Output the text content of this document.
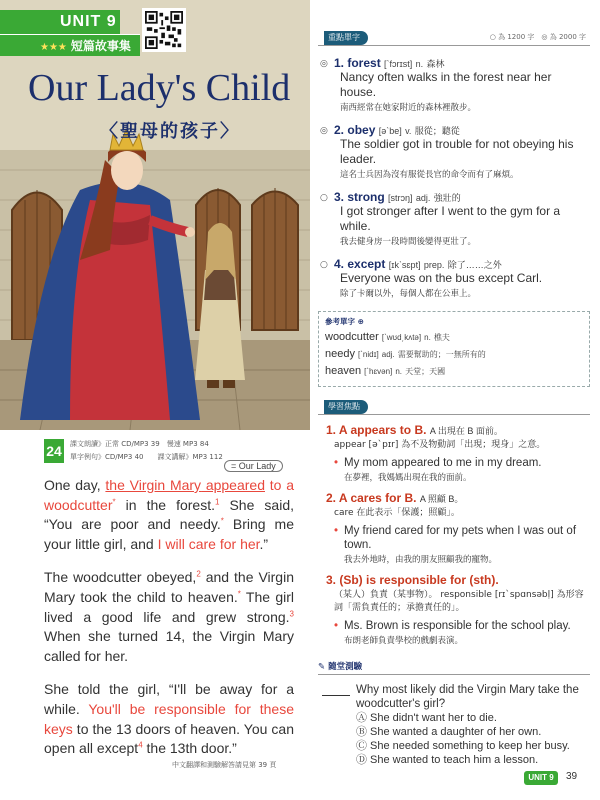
UNIT 9
★★★ 短篇故事集
Our Lady's Child
〈聖母的孩子〉
24	課文朗讀》正常 CD/MP3 39　慢速 MP3 84
單字例句》CD/MP3 40　　課文講解》MP3 112
= Our Lady

One day, the Virgin Mary appeared to a woodcutter* in the forest.$^1$ She said, “You are poor and needy.* Bring me your little girl, and I will care for her.”

The woodcutter obeyed,$^2$ and the Virgin Mary took the child to heaven.* The girl lived a good life and grew strong.$^3$ When she turned 14, the Virgin Mary called for her.

She told the girl, “I'll be away for a while. You'll be responsible for these keys to the 13 doors of heaven. You can open all except$^4$ the 13th door.”

中文翻譯和測驗解答請見第 39 頁
重點單字	○ 為 1200 字　◎ 為 2000 字
◎ 1. forest [ˋfɔrɪst] n. 森林
Nancy often walks in the forest near her house.
南西經常在她家附近的森林裡散步。
◎ 2. obey [əˋbe] v. 服從；聽從
The soldier got in trouble for not obeying his leader.
這名士兵因為沒有服從長官的命令而有了麻煩。
○ 3. strong [strɔŋ] adj. 強壯的
I got stronger after I went to the gym for a while.
我去健身房一段時間後變得更壯了。
○ 4. except [ɪkˋsɛpt] prep. 除了……之外
Everyone was on the bus except Carl.
除了卡爾以外，每個人都在公車上。
參考單字 ⊕
woodcutter [ˋwʊd͵kʌtə] n. 樵夫
needy [ˋnidɪ] adj. 需要幫助的；一無所有的
heaven [ˋhɛvən] n. 天堂；天國
學習焦點
1. A appears to B. A 出現在 B 面前。
appear [əˋpɪr] 為不及物動詞「出現；現身」之意。
• My mom appeared to me in my dream.
在夢裡，我媽媽出現在我的面前。
2. A cares for B. A 照顧 B。
care 在此表示「保護；照顧」。
• My friend cared for my pets when I was out of town.
我去外地時，由我的朋友照顧我的寵物。
3. (Sb) is responsible for (sth).
（某人）負責（某事物）。 responsible [rɪˋspɑnsəbḷ] 為形容詞「需負責任的；承擔責任的」。
• Ms. Brown is responsible for the school play.
布朗老師負責學校的戲劇表演。
✎ 隨堂測驗
Why most likely did the Virgin Mary take the woodcutter's girl?
Ⓐ She didn't want her to die.
Ⓑ She wanted a daughter of her own.
Ⓒ She needed something to keep her busy.
Ⓓ She wanted to teach him a lesson.
UNIT 9	39
